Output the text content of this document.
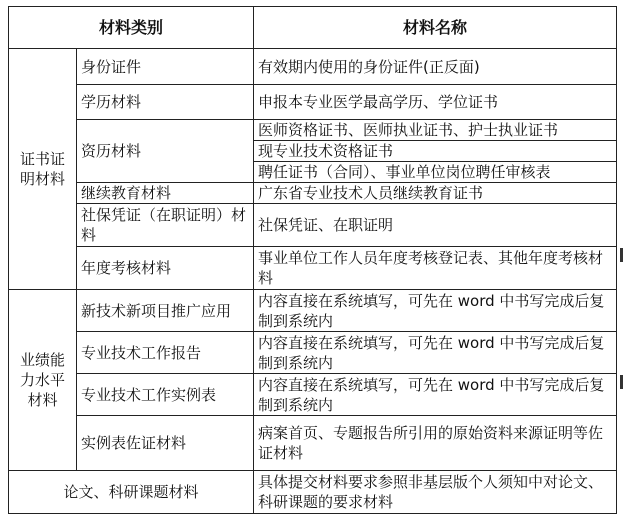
材料类别		材料名称
证书证明材料	身份证件	有效期内使用的身份证件(正反面)
	学历材料	申报本专业医学最高学历、学位证书
	资历材料	医师资格证书、医师执业证书、护士执业证书
		现专业技术资格证书
		聘任证书（合同）、事业单位岗位聘任审核表
	继续教育材料	广东省专业技术人员继续教育证书
	社保凭证（在职证明）材料	社保凭证、在职证明
	年度考核材料	事业单位工作人员年度考核登记表、其他年度考核材料
业绩能力水平材料	新技术新项目推广应用	内容直接在系统填写，可先在 word 中书写完成后复制到系统内
	专业技术工作报告	内容直接在系统填写，可先在 word 中书写完成后复制到系统内
	专业技术工作实例表	内容直接在系统填写，可先在 word 中书写完成后复制到系统内
	实例表佐证材料	病案首页、专题报告所引用的原始资料来源证明等佐证材料
论文、科研课题材料		具体提交材料要求参照非基层版个人须知中对论文、科研课题的要求材料
